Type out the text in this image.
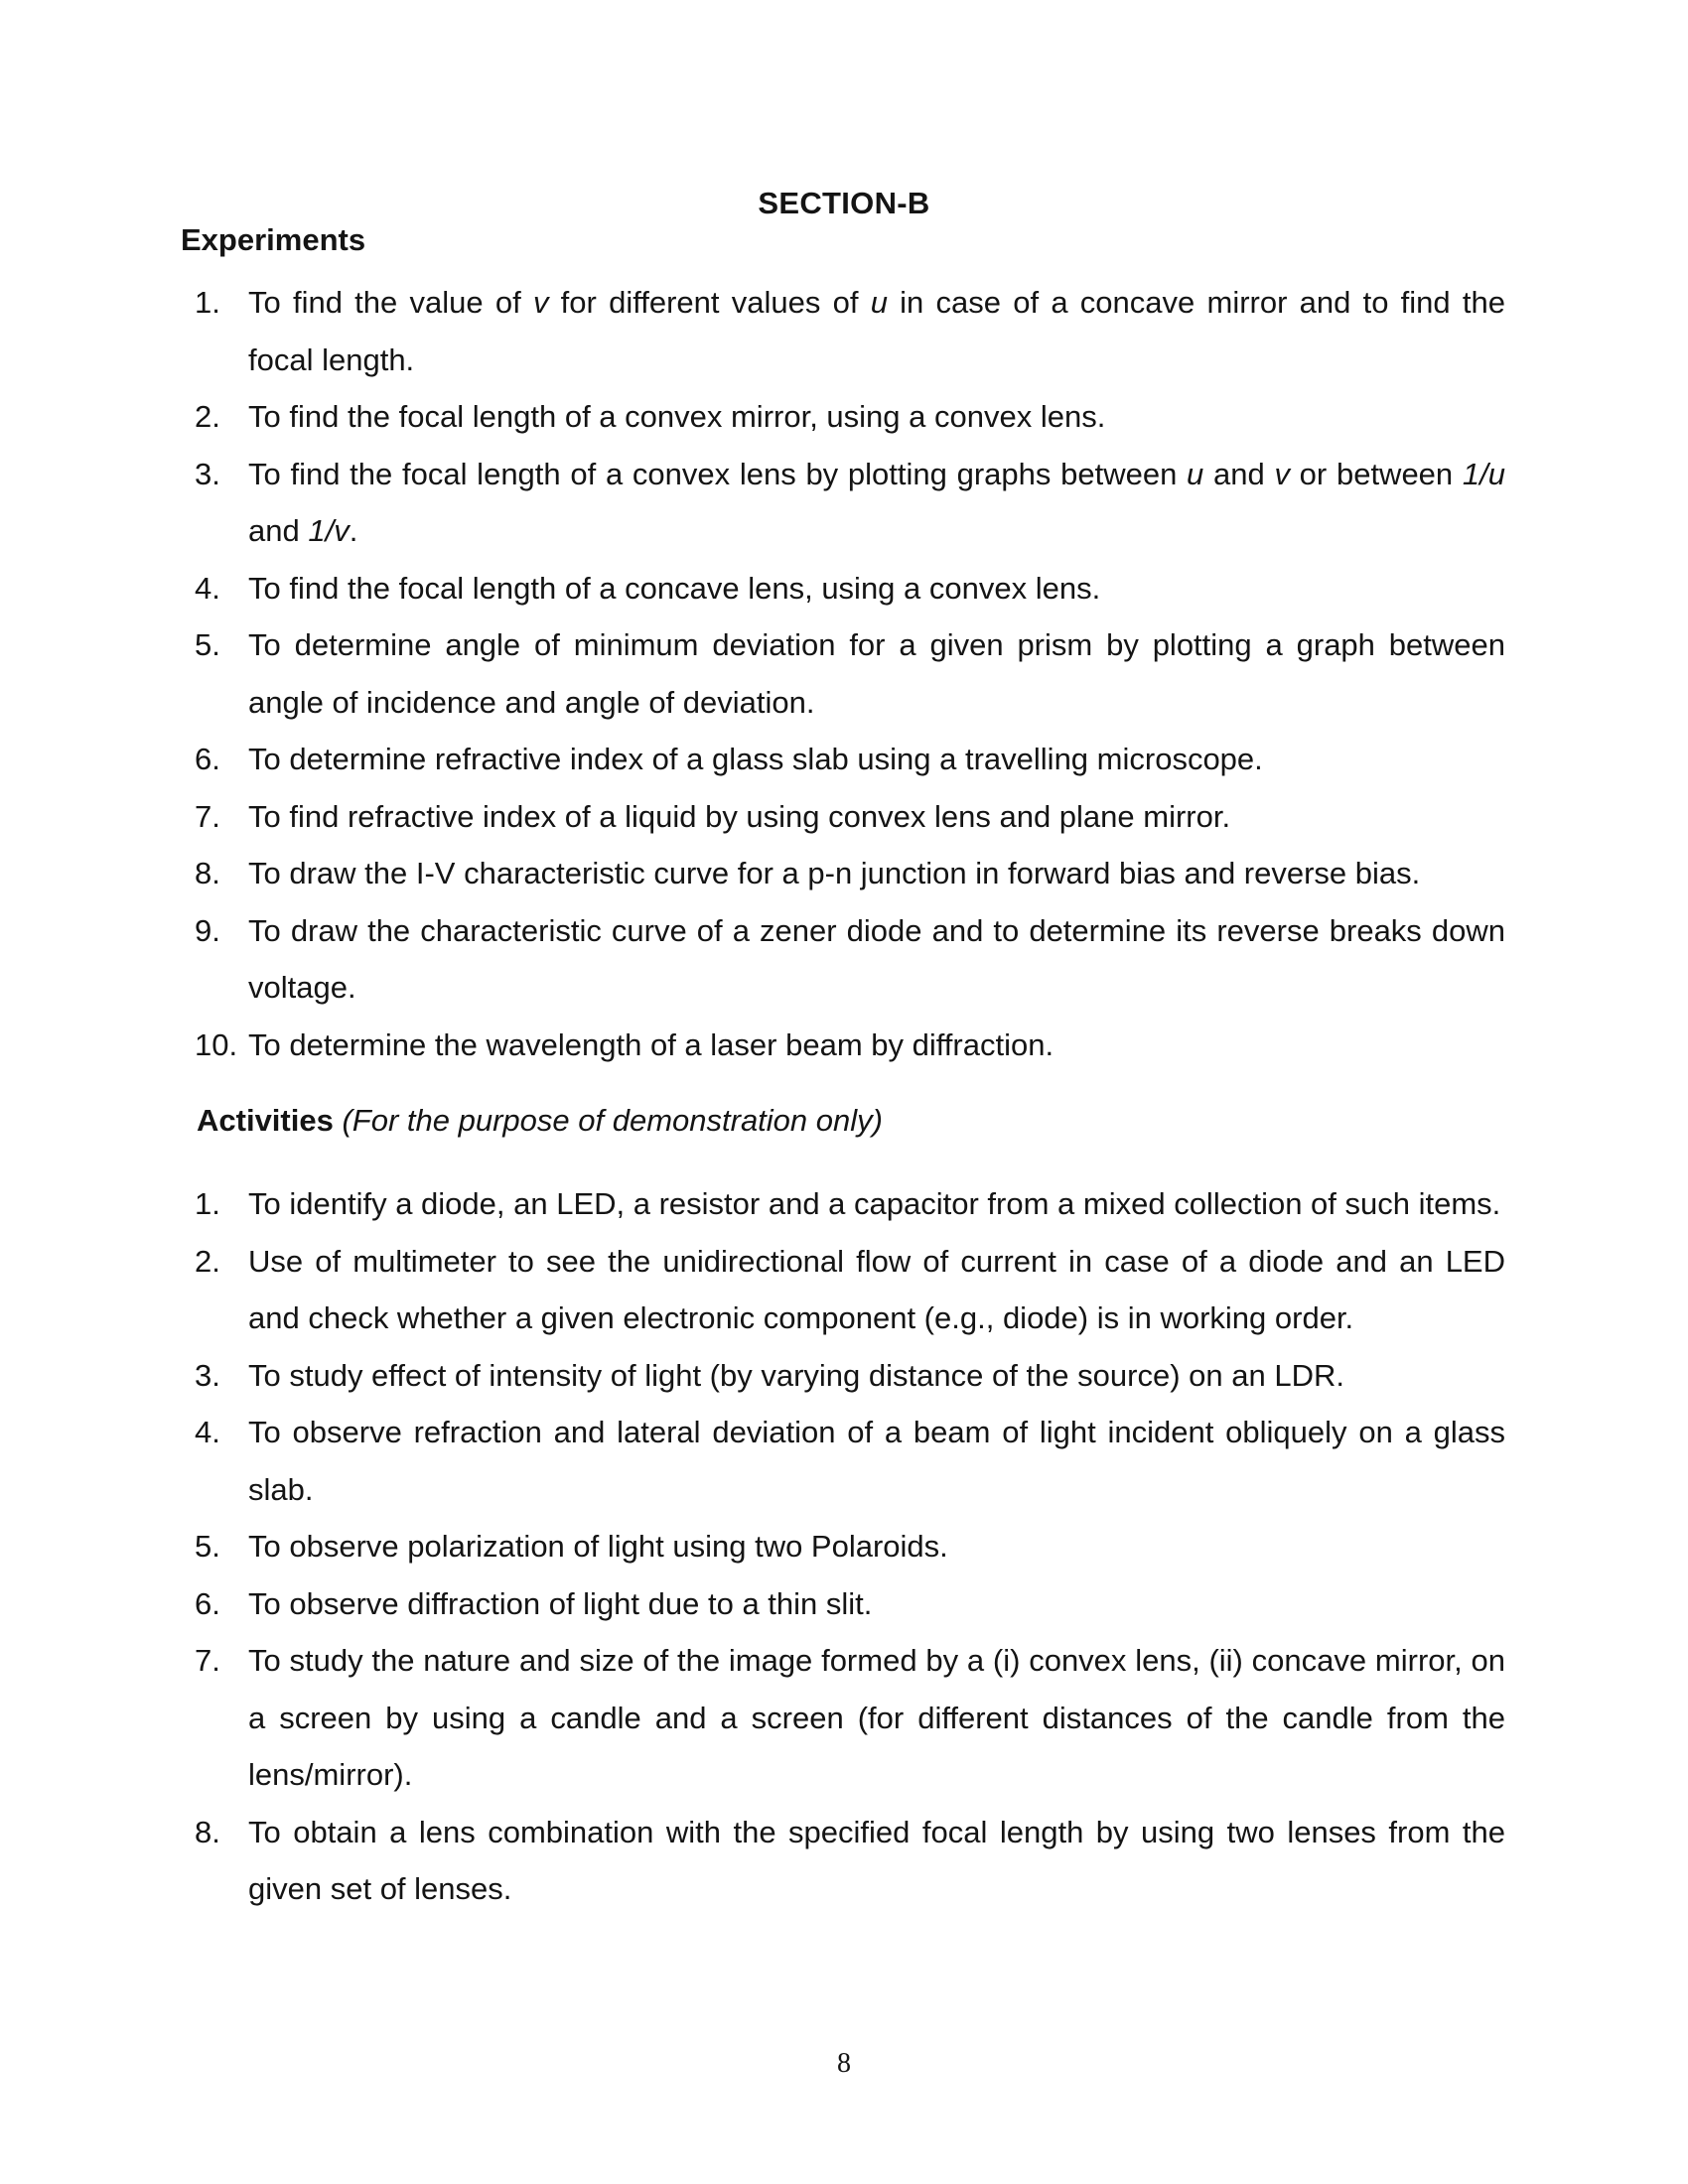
SECTION-B
Experiments
1. To find the value of v for different values of u in case of a concave mirror and to find the focal length.
2. To find the focal length of a convex mirror, using a convex lens.
3. To find the focal length of a convex lens by plotting graphs between u and v or between 1/u and 1/v.
4. To find the focal length of a concave lens, using a convex lens.
5. To determine angle of minimum deviation for a given prism by plotting a graph between angle of incidence and angle of deviation.
6. To determine refractive index of a glass slab using a travelling microscope.
7. To find refractive index of a liquid by using convex lens and plane mirror.
8. To draw the I-V characteristic curve for a p-n junction in forward bias and reverse bias.
9. To draw the characteristic curve of a zener diode and to determine its reverse breaks down voltage.
10. To determine the wavelength of a laser beam by diffraction.

Activities (For the purpose of demonstration only)

1. To identify a diode, an LED, a resistor and a capacitor from a mixed collection of such items.
2. Use of multimeter to see the unidirectional flow of current in case of a diode and an LED and check whether a given electronic component (e.g., diode) is in working order.
3. To study effect of intensity of light (by varying distance of the source) on an LDR.
4. To observe refraction and lateral deviation of a beam of light incident obliquely on a glass slab.
5. To observe polarization of light using two Polaroids.
6. To observe diffraction of light due to a thin slit.
7. To study the nature and size of the image formed by a (i) convex lens, (ii) concave mirror, on a screen by using a candle and a screen (for different distances of the candle from the lens/mirror).
8. To obtain a lens combination with the specified focal length by using two lenses from the given set of lenses.
8
